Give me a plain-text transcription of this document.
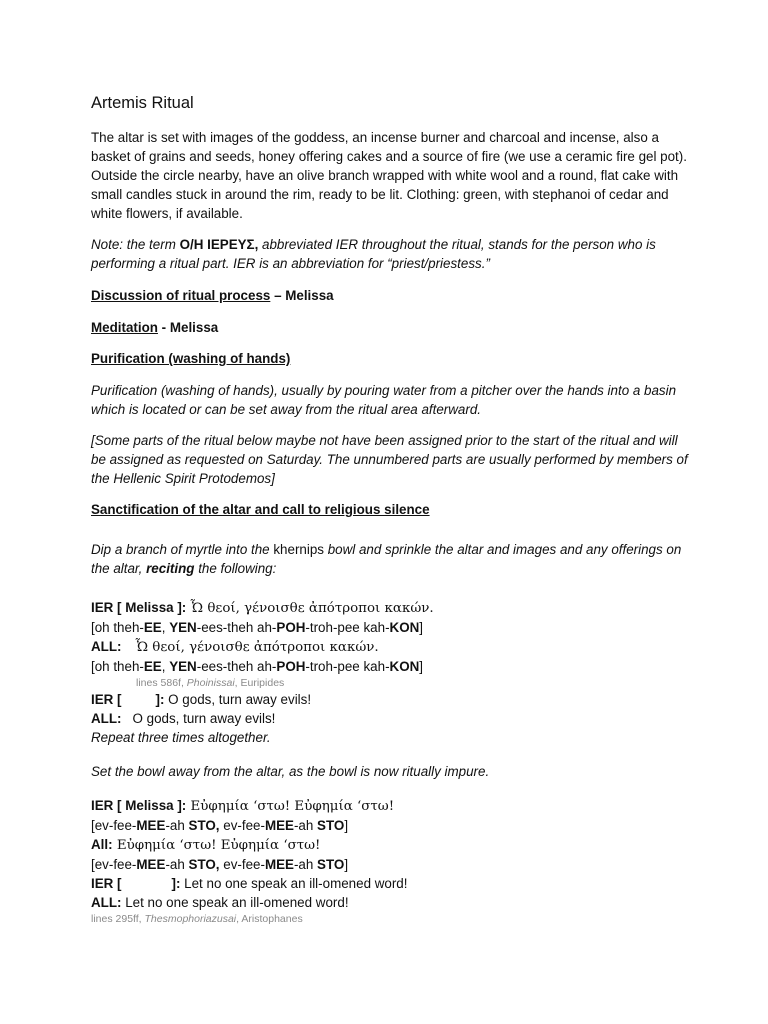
Artemis Ritual

The altar is set with images of the goddess, an incense burner and charcoal and incense, also a basket of grains and seeds, honey offering cakes and a source of fire (we use a ceramic fire gel pot). Outside the circle nearby, have an olive branch wrapped with white wool and a round, flat cake with small candles stuck in around the rim, ready to be lit. Clothing: green, with stephanoi of cedar and white flowers, if available.

Note: the term O/H ΙΕΡΕΥΣ, abbreviated IER throughout the ritual, stands for the person who is performing a ritual part. IER is an abbreviation for “priest/priestess.”

Discussion of ritual process – Melissa

Meditation - Melissa

Purification (washing of hands)

Purification (washing of hands), usually by pouring water from a pitcher over the hands into a basin which is located or can be set away from the ritual area afterward.

[Some parts of the ritual below maybe not have been assigned prior to the start of the ritual and will be assigned as requested on Saturday. The unnumbered parts are usually performed by members of the Hellenic Spirit Protodemos]

Sanctification of the altar and call to religious silence

Dip a branch of myrtle into the khernips bowl and sprinkle the altar and images and any offerings on the altar, reciting the following:

IER [ Melissa ]: Ὦ θεοί, γένοισθε ἀπότροποι κακών.
[oh theh-EE, YEN-ees-theh ah-POH-troh-pee kah-KON]
ALL: Ὦ θεοί, γένοισθε ἀπότροποι κακών.
[oh theh-EE, YEN-ees-theh ah-POH-troh-pee kah-KON]
lines 586f, Phoinissai, Euripides
IER [	]: O gods, turn away evils!
ALL: O gods, turn away evils!
Repeat three times altogether.

Set the bowl away from the altar, as the bowl is now ritually impure.

IER [ Melissa ]: Εὐφημία ‘στω! Εὐφημία ‘στω!
[ev-fee-MEE-ah STO, ev-fee-MEE-ah STO]
All: Εὐφημία ‘στω! Εὐφημία ‘στω!
[ev-fee-MEE-ah STO, ev-fee-MEE-ah STO]
IER [	]: Let no one speak an ill-omened word!
ALL: Let no one speak an ill-omened word!
lines 295ff, Thesmophoriazusai, Aristophanes
